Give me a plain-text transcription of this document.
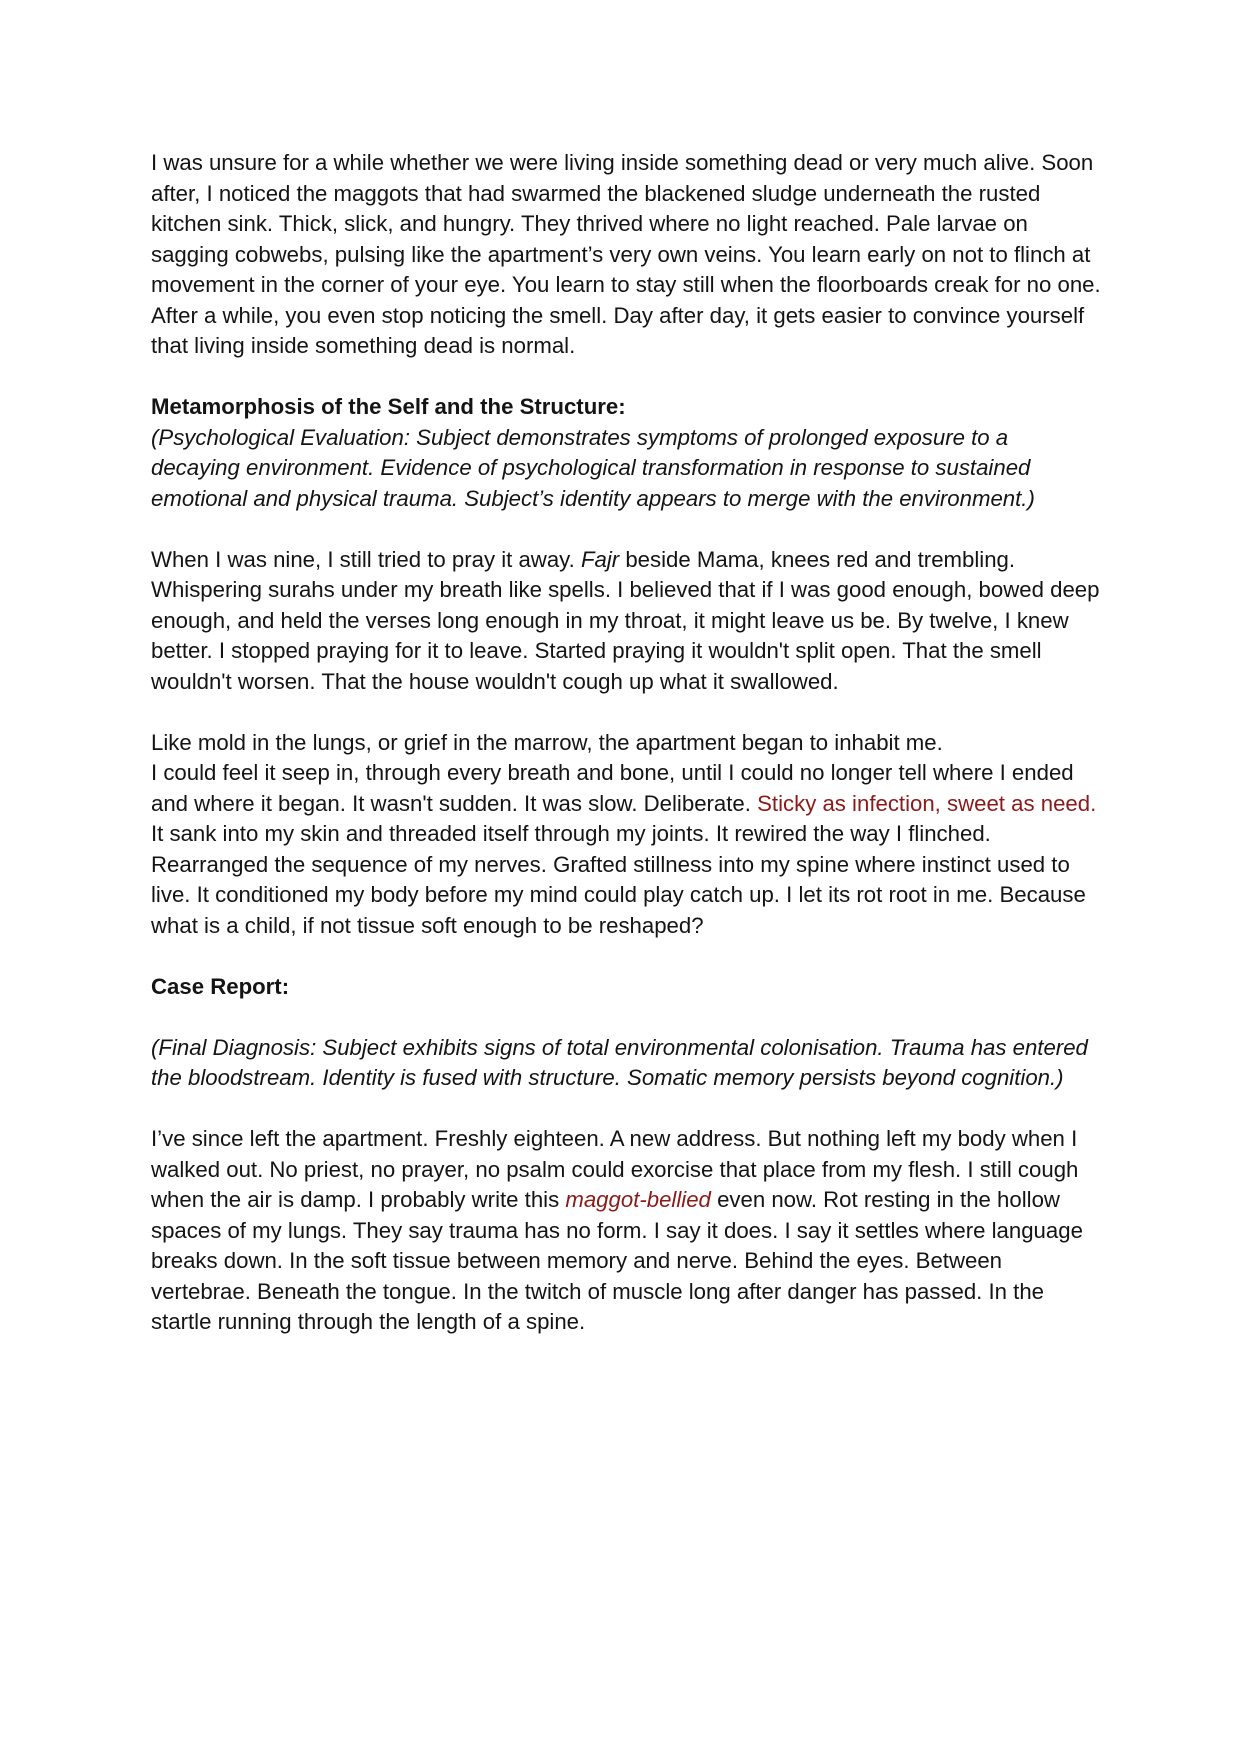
I was unsure for a while whether we were living inside something dead or very much alive. Soon after, I noticed the maggots that had swarmed the blackened sludge underneath the rusted kitchen sink. Thick, slick, and hungry. They thrived where no light reached. Pale larvae on sagging cobwebs, pulsing like the apartment’s very own veins. You learn early on not to flinch at movement in the corner of your eye. You learn to stay still when the floorboards creak for no one. After a while, you even stop noticing the smell. Day after day, it gets easier to convince yourself that living inside something dead is normal.

Metamorphosis of the Self and the Structure:

(Psychological Evaluation: Subject demonstrates symptoms of prolonged exposure to a decaying environment. Evidence of psychological transformation in response to sustained emotional and physical trauma. Subject’s identity appears to merge with the environment.)

When I was nine, I still tried to pray it away. Fajr beside Mama, knees red and trembling. Whispering surahs under my breath like spells. I believed that if I was good enough, bowed deep enough, and held the verses long enough in my throat, it might leave us be. By twelve, I knew better. I stopped praying for it to leave. Started praying it wouldn't split open. That the smell wouldn't worsen. That the house wouldn't cough up what it swallowed.

Like mold in the lungs, or grief in the marrow, the apartment began to inhabit me.
I could feel it seep in, through every breath and bone, until I could no longer tell where I ended and where it began. It wasn't sudden. It was slow. Deliberate. Sticky as infection, sweet as need. It sank into my skin and threaded itself through my joints. It rewired the way I flinched. Rearranged the sequence of my nerves. Grafted stillness into my spine where instinct used to live. It conditioned my body before my mind could play catch up. I let its rot root in me. Because what is a child, if not tissue soft enough to be reshaped?

Case Report:

(Final Diagnosis: Subject exhibits signs of total environmental colonisation. Trauma has entered the bloodstream. Identity is fused with structure. Somatic memory persists beyond cognition.)

I’ve since left the apartment. Freshly eighteen. A new address. But nothing left my body when I walked out. No priest, no prayer, no psalm could exorcise that place from my flesh. I still cough when the air is damp. I probably write this maggot-bellied even now. Rot resting in the hollow spaces of my lungs. They say trauma has no form. I say it does. I say it settles where language breaks down. In the soft tissue between memory and nerve. Behind the eyes. Between vertebrae. Beneath the tongue. In the twitch of muscle long after danger has passed. In the startle running through the length of a spine.
